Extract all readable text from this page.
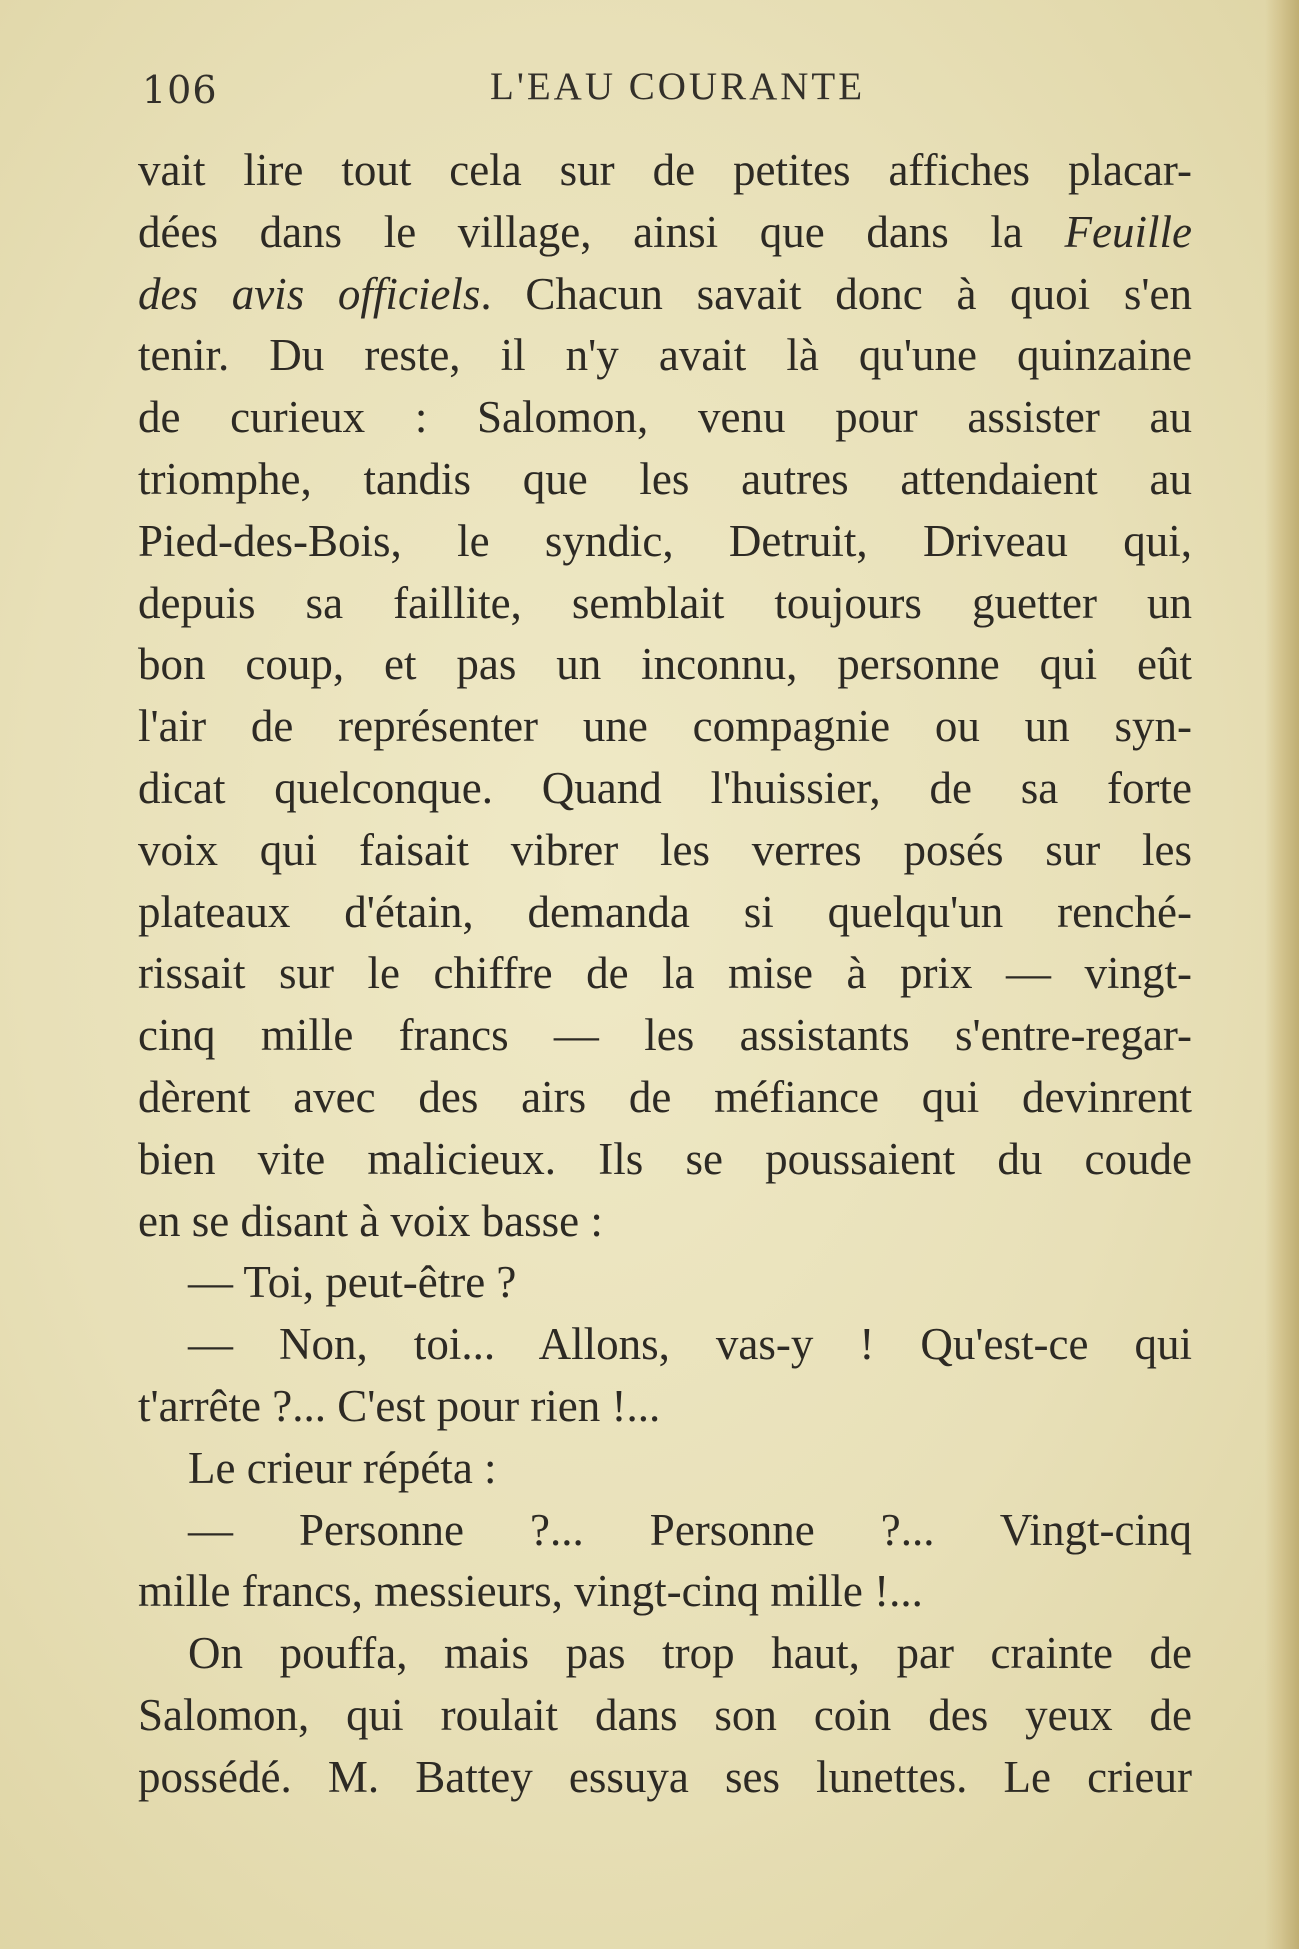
106	L'EAU COURANTE
vait lire tout cela sur de petites affiches placar-
dées dans le village, ainsi que dans la Feuille
des avis officiels. Chacun savait donc à quoi s'en
tenir. Du reste, il n'y avait là qu'une quinzaine
de curieux : Salomon, venu pour assister au
triomphe, tandis que les autres attendaient au
Pied-des-Bois, le syndic, Detruit, Driveau qui,
depuis sa faillite, semblait toujours guetter un
bon coup, et pas un inconnu, personne qui eût
l'air de représenter une compagnie ou un syn-
dicat quelconque. Quand l'huissier, de sa forte
voix qui faisait vibrer les verres posés sur les
plateaux d'étain, demanda si quelqu'un renché-
rissait sur le chiffre de la mise à prix — vingt-
cinq mille francs — les assistants s'entre-regar-
dèrent avec des airs de méfiance qui devinrent
bien vite malicieux. Ils se poussaient du coude
en se disant à voix basse :
— Toi, peut-être ?
— Non, toi... Allons, vas-y ! Qu'est-ce qui
t'arrête ?... C'est pour rien !...
Le crieur répéta :
— Personne ?... Personne ?... Vingt-cinq
mille francs, messieurs, vingt-cinq mille !...
On pouffa, mais pas trop haut, par crainte de
Salomon, qui roulait dans son coin des yeux de
possédé. M. Battey essuya ses lunettes. Le crieur
